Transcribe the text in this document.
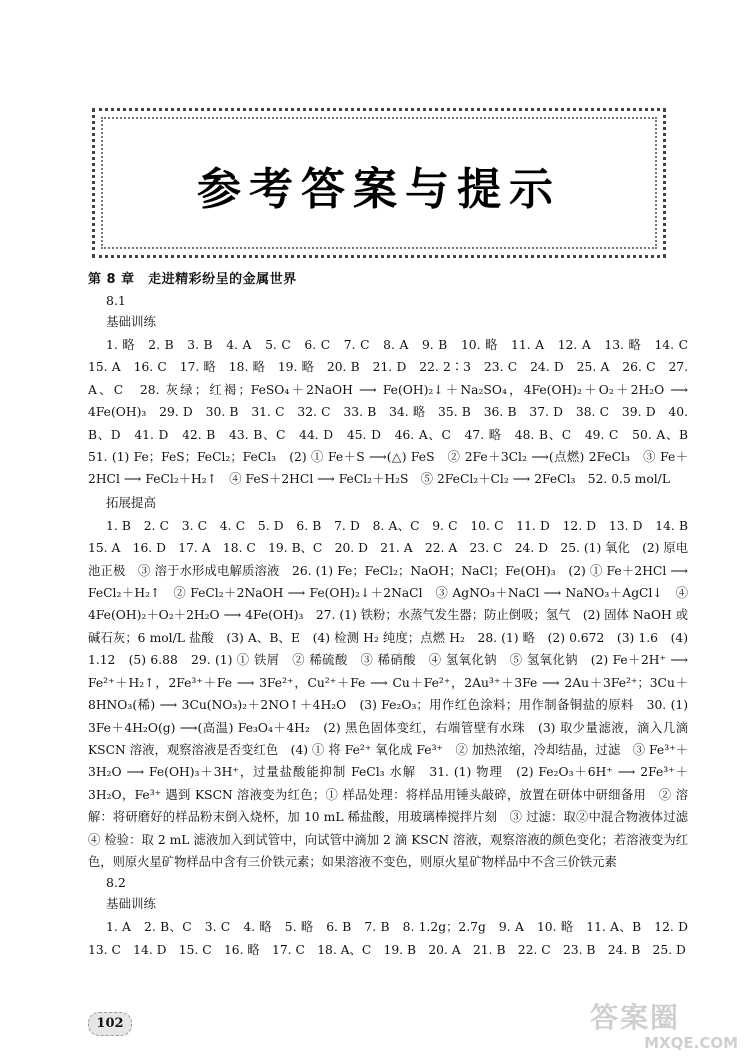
参考答案与提示
第 8 章　走进精彩纷呈的金属世界
8.1
基础训练

1. 略　2. B　3. B　4. A　5. C　6. C　7. C　8. A　9. B　10. 略　11. A　12. A　13. 略　14. C　15. A　16. C　17. 略　18. 略　19. 略　20. B　21. D　22. 2∶3　23. C　24. D　25. A　26. C　27. A、C　28. 灰绿；红褐；FeSO₄＋2NaOH ⟶ Fe(OH)₂↓＋Na₂SO₄，4Fe(OH)₂＋O₂＋2H₂O ⟶ 4Fe(OH)₃　29. D　30. B　31. C　32. C　33. B　34. 略　35. B　36. B　37. D　38. C　39. D　40. B、D　41. D　42. B　43. B、C　44. D　45. D　46. A、C　47. 略　48. B、C　49. C　50. A、B　51. (1) Fe；FeS；FeCl₂；FeCl₃　(2) ① Fe＋S ⟶(△) FeS　② 2Fe＋3Cl₂ ⟶(点燃) 2FeCl₃　③ Fe＋2HCl ⟶ FeCl₂＋H₂↑　④ FeS＋2HCl ⟶ FeCl₂＋H₂S　⑤ 2FeCl₂＋Cl₂ ⟶ 2FeCl₃　52. 0.5 mol/L

拓展提高

1. B　2. C　3. C　4. C　5. D　6. B　7. D　8. A、C　9. C　10. C　11. D　12. D　13. D　14. B　15. A　16. D　17. A　18. C　19. B、C　20. D　21. A　22. A　23. C　24. D　25. (1) 氧化　(2) 原电池正极　③ 溶于水形成电解质溶液　26. (1) Fe；FeCl₂；NaOH；NaCl；Fe(OH)₃　(2) ① Fe＋2HCl ⟶ FeCl₂＋H₂↑　② FeCl₂＋2NaOH ⟶ Fe(OH)₂↓＋2NaCl　③ AgNO₃＋NaCl ⟶ NaNO₃＋AgCl↓　④ 4Fe(OH)₂＋O₂＋2H₂O ⟶ 4Fe(OH)₃　27. (1) 铁粉；水蒸气发生器；防止倒吸；氢气　(2) 固体 NaOH 或碱石灰；6 mol/L 盐酸　(3) A、B、E　(4) 检测 H₂ 纯度；点燃 H₂　28. (1) 略　(2) 0.672　(3) 1.6　(4) 1.12　(5) 6.88　29. (1) ① 铁屑　② 稀硫酸　③ 稀硝酸　④ 氢氧化钠　⑤ 氢氧化钠　(2) Fe＋2H⁺ ⟶ Fe²⁺＋H₂↑，2Fe³⁺＋Fe ⟶ 3Fe²⁺，Cu²⁺＋Fe ⟶ Cu＋Fe²⁺，2Au³⁺＋3Fe ⟶ 2Au＋3Fe²⁺；3Cu＋8HNO₃(稀) ⟶ 3Cu(NO₃)₂＋2NO↑＋4H₂O　(3) Fe₂O₃；用作红色涂料；用作制备铜盐的原料　30. (1) 3Fe＋4H₂O(g) ⟶(高温) Fe₃O₄＋4H₂　(2) 黑色固体变红，右端管壁有水珠　(3) 取少量滤液，滴入几滴 KSCN 溶液，观察溶液是否变红色　(4) ① 将 Fe²⁺ 氧化成 Fe³⁺　② 加热浓缩，冷却结晶，过滤　③ Fe³⁺＋3H₂O ⟶ Fe(OH)₃＋3H⁺，过量盐酸能抑制 FeCl₃ 水解　31. (1) 物理　(2) Fe₂O₃＋6H⁺ ⟶ 2Fe³⁺＋3H₂O，Fe³⁺ 遇到 KSCN 溶液变为红色；① 样品处理：将样品用锤头敲碎，放置在研体中研细备用　② 溶解：将研磨好的样品粉末倒入烧杯，加 10 mL 稀盐酸，用玻璃棒搅拌片刻　③ 过滤：取②中混合物液体过滤　④ 检验：取 2 mL 滤液加入到试管中，向试管中滴加 2 滴 KSCN 溶液，观察溶液的颜色变化；若溶液变为红色，则原火星矿物样品中含有三价铁元素；如果溶液不变色，则原火星矿物样品中不含三价铁元素

8.2
基础训练

1. A　2. B、C　3. C　4. 略　5. 略　6. B　7. B　8. 1.2g；2.7g　9. A　10. 略　11. A、B　12. D　13. C　14. D　15. C　16. 略　17. C　18. A、C　19. B　20. A　21. B　22. C　23. B　24. B　25. D

102	答案圈
MXQE.COM
